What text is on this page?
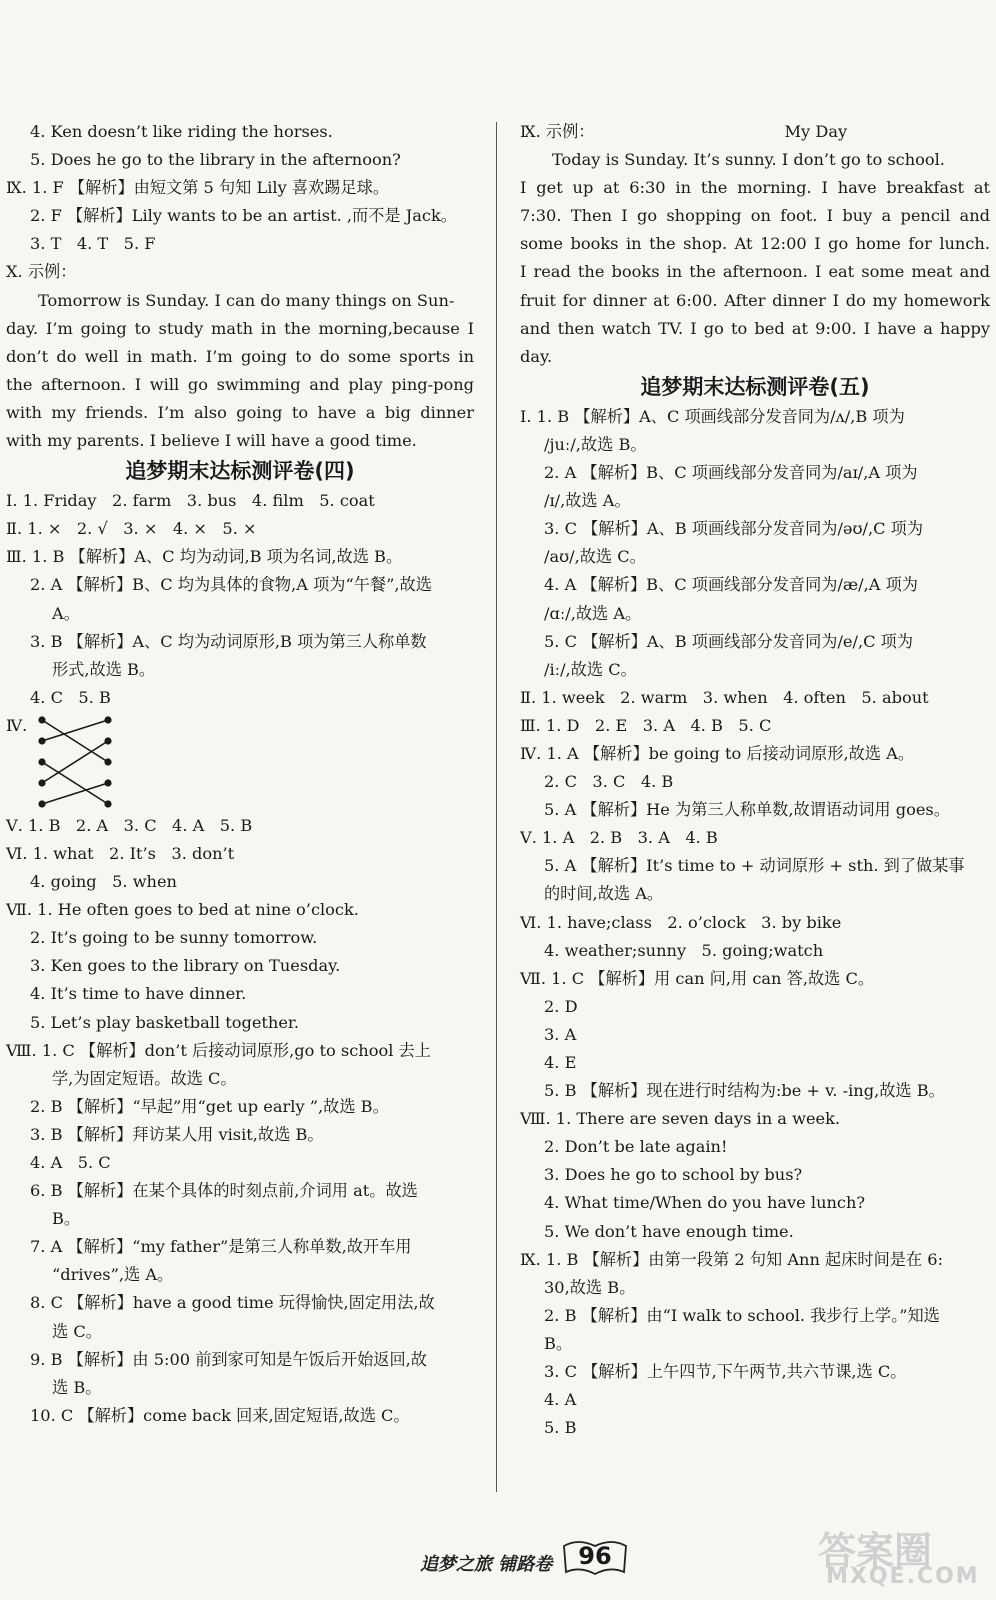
4. Ken doesn’t like riding the horses.
5. Does he go to the library in the afternoon?
Ⅸ. 1. F 【解析】由短文第 5 句知 Lily 喜欢踢足球。
2. F 【解析】Lily wants to be an artist. ,而不是 Jack。
3. T   4. T   5. F
Ⅹ. 示例：
Tomorrow is Sunday. I can do many things on Sun-
day. I’m going to study math in the morning,because I
don’t do well in math. I’m going to do some sports in
the afternoon. I will go swimming and play ping-pong
with my friends. I’m also going to have a big dinner
with my parents. I believe I will have a good time.
追梦期末达标测评卷(四)
Ⅰ. 1. Friday   2. farm   3. bus   4. film   5. coat
Ⅱ. 1. ×   2. √   3. ×   4. ×   5. ×
Ⅲ. 1. B 【解析】A、C 均为动词,B 项为名词,故选 B。
2. A 【解析】B、C 均为具体的食物,A 项为“午餐”,故选
A。
3. B 【解析】A、C 均为动词原形,B 项为第三人称单数
形式,故选 B。
4. C   5. B
Ⅳ.
Ⅴ. 1. B   2. A   3. C   4. A   5. B
Ⅵ. 1. what   2. It’s   3. don’t
4. going   5. when
Ⅶ. 1. He often goes to bed at nine o’clock.
2. It’s going to be sunny tomorrow.
3. Ken goes to the library on Tuesday.
4. It’s time to have dinner.
5. Let’s play basketball together.
Ⅷ. 1. C 【解析】don’t 后接动词原形,go to school 去上
学,为固定短语。故选 C。
2. B 【解析】“早起”用“get up early ”,故选 B。
3. B 【解析】拜访某人用 visit,故选 B。
4. A   5. C
6. B 【解析】在某个具体的时刻点前,介词用 at。故选
B。
7. A 【解析】“my father”是第三人称单数,故开车用
“drives”,选 A。
8. C 【解析】have a good time 玩得愉快,固定用法,故
选 C。
9. B 【解析】由 5:00 前到家可知是午饭后开始返回,故
选 B。
10. C 【解析】come back 回来,固定短语,故选 C。
Ⅸ. 示例：	My Day
Today is Sunday. It’s sunny. I don’t go to school.
I get up at 6:30 in the morning. I have breakfast at
7:30. Then I go shopping on foot. I buy a pencil and
some books in the shop. At 12:00 I go home for lunch.
I read the books in the afternoon. I eat some meat and
fruit for dinner at 6:00. After dinner I do my homework
and then watch TV. I go to bed at 9:00. I have a happy
day.
追梦期末达标测评卷(五)
Ⅰ. 1. B 【解析】A、C 项画线部分发音同为/ʌ/,B 项为
/juː/,故选 B。
2. A 【解析】B、C 项画线部分发音同为/aɪ/,A 项为
/ɪ/,故选 A。
3. C 【解析】A、B 项画线部分发音同为/əʊ/,C 项为
/aʊ/,故选 C。
4. A 【解析】B、C 项画线部分发音同为/æ/,A 项为
/ɑː/,故选 A。
5. C 【解析】A、B 项画线部分发音同为/e/,C 项为
/iː/,故选 C。
Ⅱ. 1. week   2. warm   3. when   4. often   5. about
Ⅲ. 1. D   2. E   3. A   4. B   5. C
Ⅳ. 1. A 【解析】be going to 后接动词原形,故选 A。
2. C   3. C   4. B
5. A 【解析】He 为第三人称单数,故谓语动词用 goes。
Ⅴ. 1. A   2. B   3. A   4. B
5. A 【解析】It’s time to + 动词原形 + sth. 到了做某事
的时间,故选 A。
Ⅵ. 1. have;class   2. o’clock   3. by bike
4. weather;sunny   5. going;watch
Ⅶ. 1. C 【解析】用 can 问,用 can 答,故选 C。
2. D
3. A
4. E
5. B 【解析】现在进行时结构为:be + v. -ing,故选 B。
Ⅷ. 1. There are seven days in a week.
2. Don’t be late again!
3. Does he go to school by bus?
4. What time/When do you have lunch?
5. We don’t have enough time.
Ⅸ. 1. B 【解析】由第一段第 2 句知 Ann 起床时间是在 6:
30,故选 B。
2. B 【解析】由“I walk to school. 我步行上学。”知选
B。
3. C 【解析】上午四节,下午两节,共六节课,选 C。
4. A
5. B
追梦之旅 铺路卷	96	答案圈
MXQE.COM
